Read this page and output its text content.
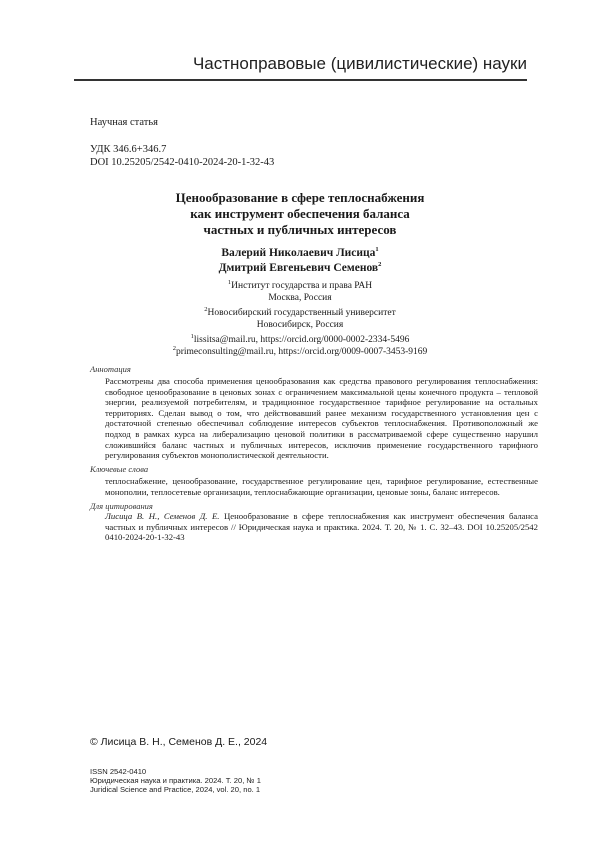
Частноправовые (цивилистические) науки
Научная статья
УДК 346.6+346.7
DOI 10.25205/2542-0410-2024-20-1-32-43
Ценообразование в сфере теплоснабжения
как инструмент обеспечения баланса
частных и публичных интересов
Валерий Николаевич Лисица$^1$
Дмитрий Евгеньевич Семенов$^2$
$^1$Институт государства и права РАН
Москва, Россия
$^2$Новосибирский государственный университет
Новосибирск, Россия
$^1$lissitsa@mail.ru, https://orcid.org/0000-0002-2334-5496
$^2$primeconsulting@mail.ru, https://orcid.org/0009-0007-3453-9169
Аннотация
Рассмотрены два способа применения ценообразования как средства правового регулирования теплоснабжения: свободное ценообразование в ценовых зонах с ограничением максимальной цены конечного продукта – тепловой энергии, реализуемой потребителям, и традиционное государственное тарифное регулирование на остальных территориях. Сделан вывод о том, что действовавший ранее механизм государственного установления цен с достаточной степенью обеспечивал соблюдение интересов субъектов теплоснабжения. Противоположный же подход в рамках курса на либерализацию ценовой политики в рассматриваемой сфере существенно нарушил сложившийся баланс частных и публичных интересов, исключив применение государственного тарифного регулирования субъектов монополистической деятельности.
Ключевые слова
теплоснабжение, ценообразование, государственное регулирование цен, тарифное регулирование, естественные монополии, теплосетевые организации, теплоснабжающие организации, ценовые зоны, баланс интересов.
Для цитирования
Лисица В. Н., Семенов Д. Е. Ценообразование в сфере теплоснабжения как инструмент обеспечения баланса частных и публичных интересов // Юридическая наука и практика. 2024. Т. 20, № 1. С. 32–43. DOI 10.25205/2542 0410-2024-20-1-32-43
© Лисица В. Н., Семенов Д. Е., 2024
ISSN 2542-0410
Юридическая наука и практика. 2024. Т. 20, № 1
Juridical Science and Practice, 2024, vol. 20, no. 1
